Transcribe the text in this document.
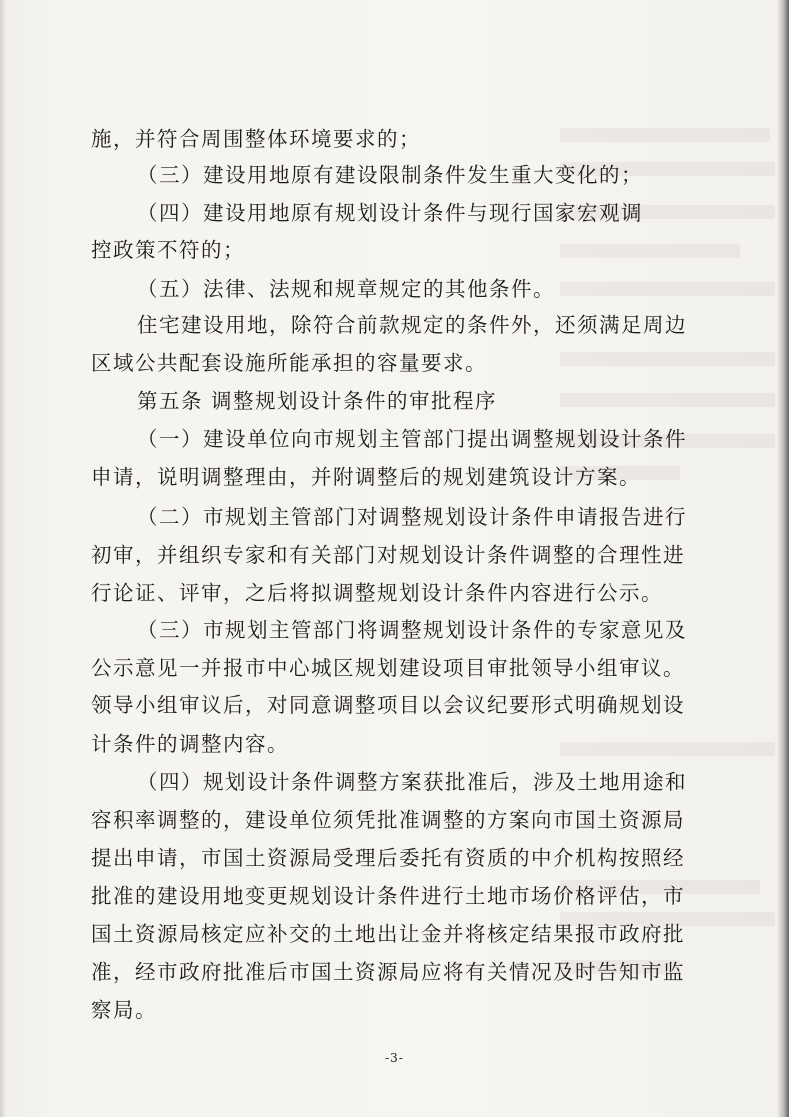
施，并符合周围整体环境要求的；

（三）建设用地原有建设限制条件发生重大变化的；

（四）建设用地原有规划设计条件与现行国家宏观调

控政策不符的；

（五）法律、法规和规章规定的其他条件。

住宅建设用地，除符合前款规定的条件外，还须满足周边

区域公共配套设施所能承担的容量要求。

第五条 调整规划设计条件的审批程序

（一）建设单位向市规划主管部门提出调整规划设计条件

申请，说明调整理由，并附调整后的规划建筑设计方案。

（二）市规划主管部门对调整规划设计条件申请报告进行

初审，并组织专家和有关部门对规划设计条件调整的合理性进

行论证、评审，之后将拟调整规划设计条件内容进行公示。

（三）市规划主管部门将调整规划设计条件的专家意见及

公示意见一并报市中心城区规划建设项目审批领导小组审议。

领导小组审议后，对同意调整项目以会议纪要形式明确规划设

计条件的调整内容。

（四）规划设计条件调整方案获批准后，涉及土地用途和

容积率调整的，建设单位须凭批准调整的方案向市国土资源局

提出申请，市国土资源局受理后委托有资质的中介机构按照经

批准的建设用地变更规划设计条件进行土地市场价格评估，市

国土资源局核定应补交的土地出让金并将核定结果报市政府批

准，经市政府批准后市国土资源局应将有关情况及时告知市监

察局。

-3-
